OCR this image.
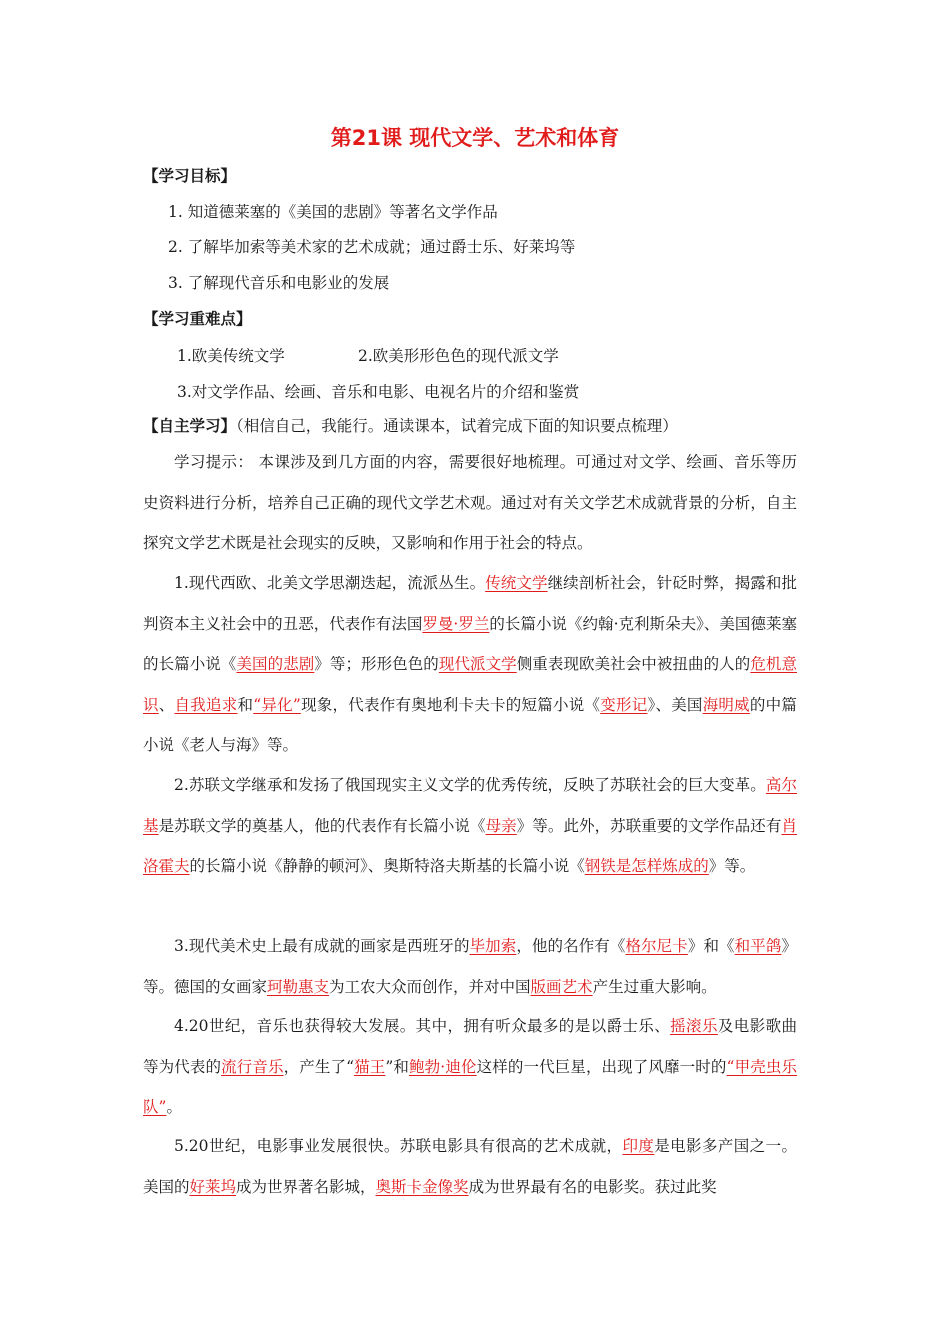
第21课 现代文学、艺术和体育
【学习目标】
1. 知道德莱塞的《美国的悲剧》等著名文学作品
2. 了解毕加索等美术家的艺术成就；通过爵士乐、好莱坞等
3. 了解现代音乐和电影业的发展
【学习重难点】
1.欧美传统文学	2.欧美形形色色的现代派文学
3.对文学作品、绘画、音乐和电影、电视名片的介绍和鉴赏
【自主学习】（相信自己，我能行。通读课本，试着完成下面的知识要点梳理）

学习提示： 本课涉及到几方面的内容，需要很好地梳理。可通过对文学、绘画、音乐等历史资料进行分析，培养自己正确的现代文学艺术观。通过对有关文学艺术成就背景的分析，自主探究文学艺术既是社会现实的反映，又影响和作用于社会的特点。

1.现代西欧、北美文学思潮迭起，流派丛生。传统文学继续剖析社会，针砭时弊，揭露和批判资本主义社会中的丑恶，代表作有法国罗曼·罗兰的长篇小说《约翰·克利斯朵夫》、美国德莱塞的长篇小说《美国的悲剧》等；形形色色的现代派文学侧重表现欧美社会中被扭曲的人的危机意识、自我追求和“异化”现象，代表作有奥地利卡夫卡的短篇小说《变形记》、美国海明威的中篇小说《老人与海》等。

2.苏联文学继承和发扬了俄国现实主义文学的优秀传统，反映了苏联社会的巨大变革。高尔基是苏联文学的奠基人，他的代表作有长篇小说《母亲》等。此外，苏联重要的文学作品还有肖洛霍夫的长篇小说《静静的顿河》、奥斯特洛夫斯基的长篇小说《钢铁是怎样炼成的》等。

3.现代美术史上最有成就的画家是西班牙的毕加索，他的名作有《格尔尼卡》和《和平鸽》等。德国的女画家珂勒惠支为工农大众而创作，并对中国版画艺术产生过重大影响。

4.20世纪，音乐也获得较大发展。其中，拥有听众最多的是以爵士乐、摇滚乐及电影歌曲等为代表的流行音乐，产生了“猫王”和鲍勃·迪伦这样的一代巨星，出现了风靡一时的“甲壳虫乐队”。

5.20世纪，电影事业发展很快。苏联电影具有很高的艺术成就，印度是电影多产国之一。美国的好莱坞成为世界著名影城，奥斯卡金像奖成为世界最有名的电影奖。获过此奖
